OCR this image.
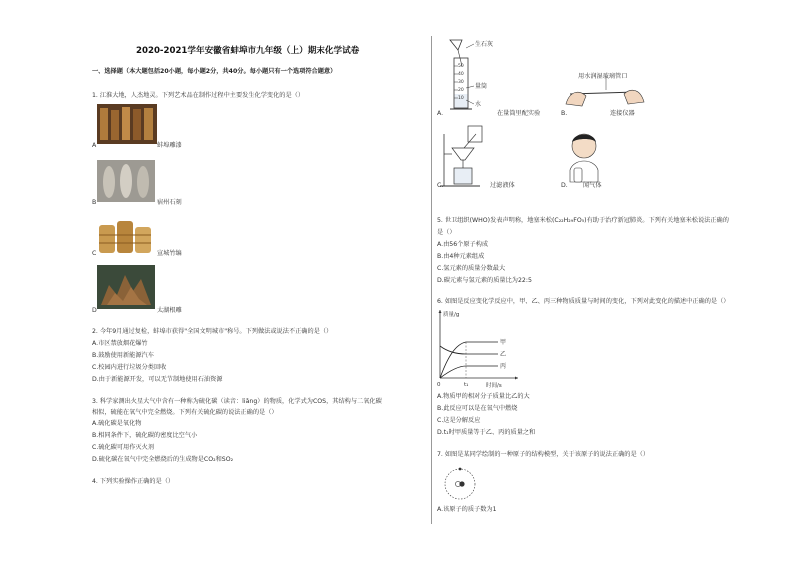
2020-2021学年安徽省蚌埠市九年级（上）期末化学试卷
一、选择题（本大题包括20小题，每小题2分，共40分。每小题只有一个选项符合题意）
1. 江淮大地，人杰地灵。下列艺术品在制作过程中主要发生化学变化的是（）
A	蚌埠雕漆
B	宿州石刻
C	宣城竹编
D	太湖根雕
2. 今年9月通过复检，蚌埠市获得"全国文明城市"称号。下列做法或说法不正确的是（）
A.市区禁放烟花爆竹
B.鼓励使用新能源汽车
C.校园内进行垃圾分类回收
D.由于新能源开发，可以无节制地使用石油资源
3. 科学家测出火星大气中含有一种称为硫化碳（读音：liǎng）的物质，化学式为COS，其结构与二氧化碳
相似，硫能在氧气中完全燃烧。下列有关硫化碳的说法正确的是（）
A.硫化碳是氧化物
B.相同条件下，硫化碳的密度比空气小
C.硫化碳可用作灭火剂
D.硫化碳在氧气中完全燃烧后的生成物是CO₂和SO₂
4. 下列实验操作正确的是（）
50
40
30
20
10
生石灰
量筒
水
A.	在量筒里配实验
用水润湿玻璃管口
B.	连接仪器
C.	过滤液体	D. 闻气体
5. 世卫组织(WHO)发表声明称，地塞米松(C₂₂H₂₉FO₅)有助于治疗新冠肺炎。下列有关地塞米松说法正确的
是（）
A.由56个原子构成
B.由4种元素组成
C.氢元素的质量分数最大
D.碳元素与氢元素的质量比为22:5
6. 如图是反应变化学反应中，甲、乙、丙三种物质质量与时间的变化，下列对此变化的描述中正确的是（）
质量/g
时间/s
0	t₁
甲
乙
丙
A.物质甲的相对分子质量比乙的大
B.此反应可以是在氧气中燃烧
C.这是分解反应
D.t₁时甲质量等于乙、丙的质量之和
7. 如图是某同学绘制的一种原子的结构模型，关于该原子的说法正确的是（）
A.该原子的质子数为1
